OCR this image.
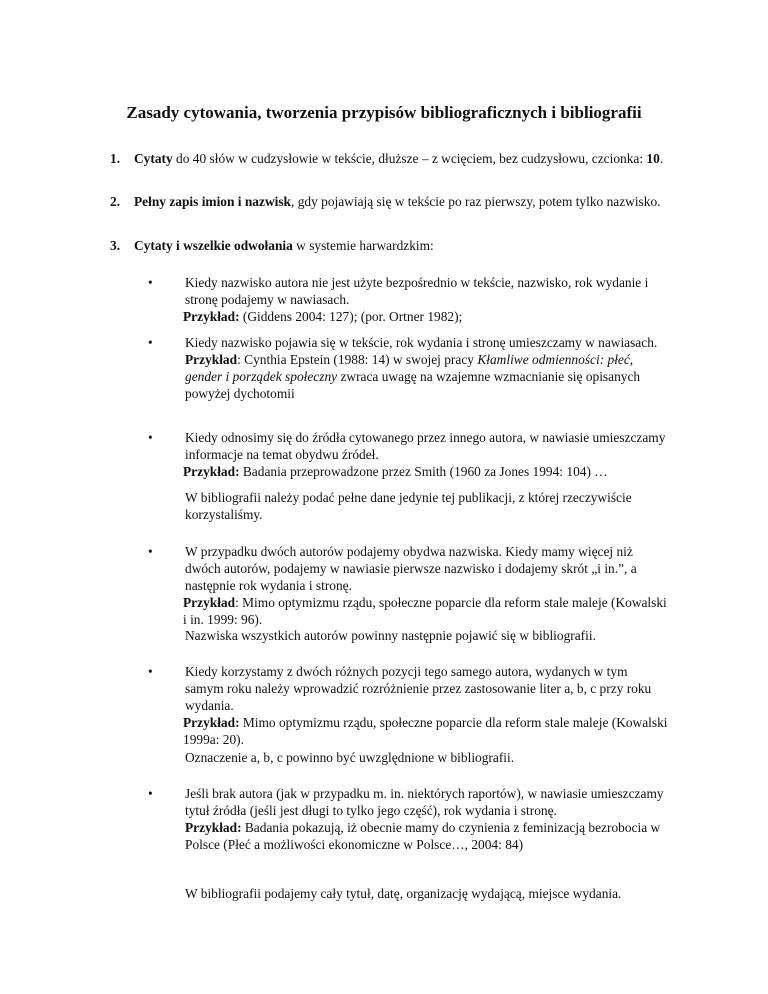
Zasady cytowania, tworzenia przypisów bibliograficznych i bibliografii
1. Cytaty do 40 słów w cudzysłowie w tekście, dłuższe – z wcięciem, bez cudzysłowu, czcionka: 10.
2. Pełny zapis imion i nazwisk, gdy pojawiają się w tekście po raz pierwszy, potem tylko nazwisko.
3. Cytaty i wszelkie odwołania w systemie harwardzkim:
• Kiedy nazwisko autora nie jest użyte bezpośrednio w tekście, nazwisko, rok wydanie i stronę podajemy w nawiasach.
Przykład: (Giddens 2004: 127); (por. Ortner 1982);
• Kiedy nazwisko pojawia się w tekście, rok wydania i stronę umieszczamy w nawiasach.
Przykład: Cynthia Epstein (1988: 14) w swojej pracy Kłamliwe odmienności: płeć, gender i porządek społeczny zwraca uwagę na wzajemne wzmacnianie się opisanych powyżej dychotomii
• Kiedy odnosimy się do źródła cytowanego przez innego autora, w nawiasie umieszczamy informacje na temat obydwu źródeł.
Przykład: Badania przeprowadzone przez Smith (1960 za Jones 1994: 104) …
W bibliografii należy podać pełne dane jedynie tej publikacji, z której rzeczywiście korzystaliśmy.
• W przypadku dwóch autorów podajemy obydwa nazwiska. Kiedy mamy więcej niż dwóch autorów, podajemy w nawiasie pierwsze nazwisko i dodajemy skrót „i in.”, a następnie rok wydania i stronę.
Przykład: Mimo optymizmu rządu, społeczne poparcie dla reform stale maleje (Kowalski i in. 1999: 96).
Nazwiska wszystkich autorów powinny następnie pojawić się w bibliografii.
• Kiedy korzystamy z dwóch różnych pozycji tego samego autora, wydanych w tym samym roku należy wprowadzić rozróżnienie przez zastosowanie liter a, b, c przy roku wydania.
Przykład: Mimo optymizmu rządu, społeczne poparcie dla reform stale maleje (Kowalski 1999a: 20).
Oznaczenie a, b, c powinno być uwzględnione w bibliografii.
• Jeśli brak autora (jak w przypadku m. in. niektórych raportów), w nawiasie umieszczamy tytuł źródła (jeśli jest długi to tylko jego część), rok wydania i stronę.
Przykład: Badania pokazują, iż obecnie mamy do czynienia z feminizacją bezrobocia w Polsce (Płeć a możliwości ekonomiczne w Polsce…, 2004: 84)
W bibliografii podajemy cały tytuł, datę, organizację wydającą, miejsce wydania.
